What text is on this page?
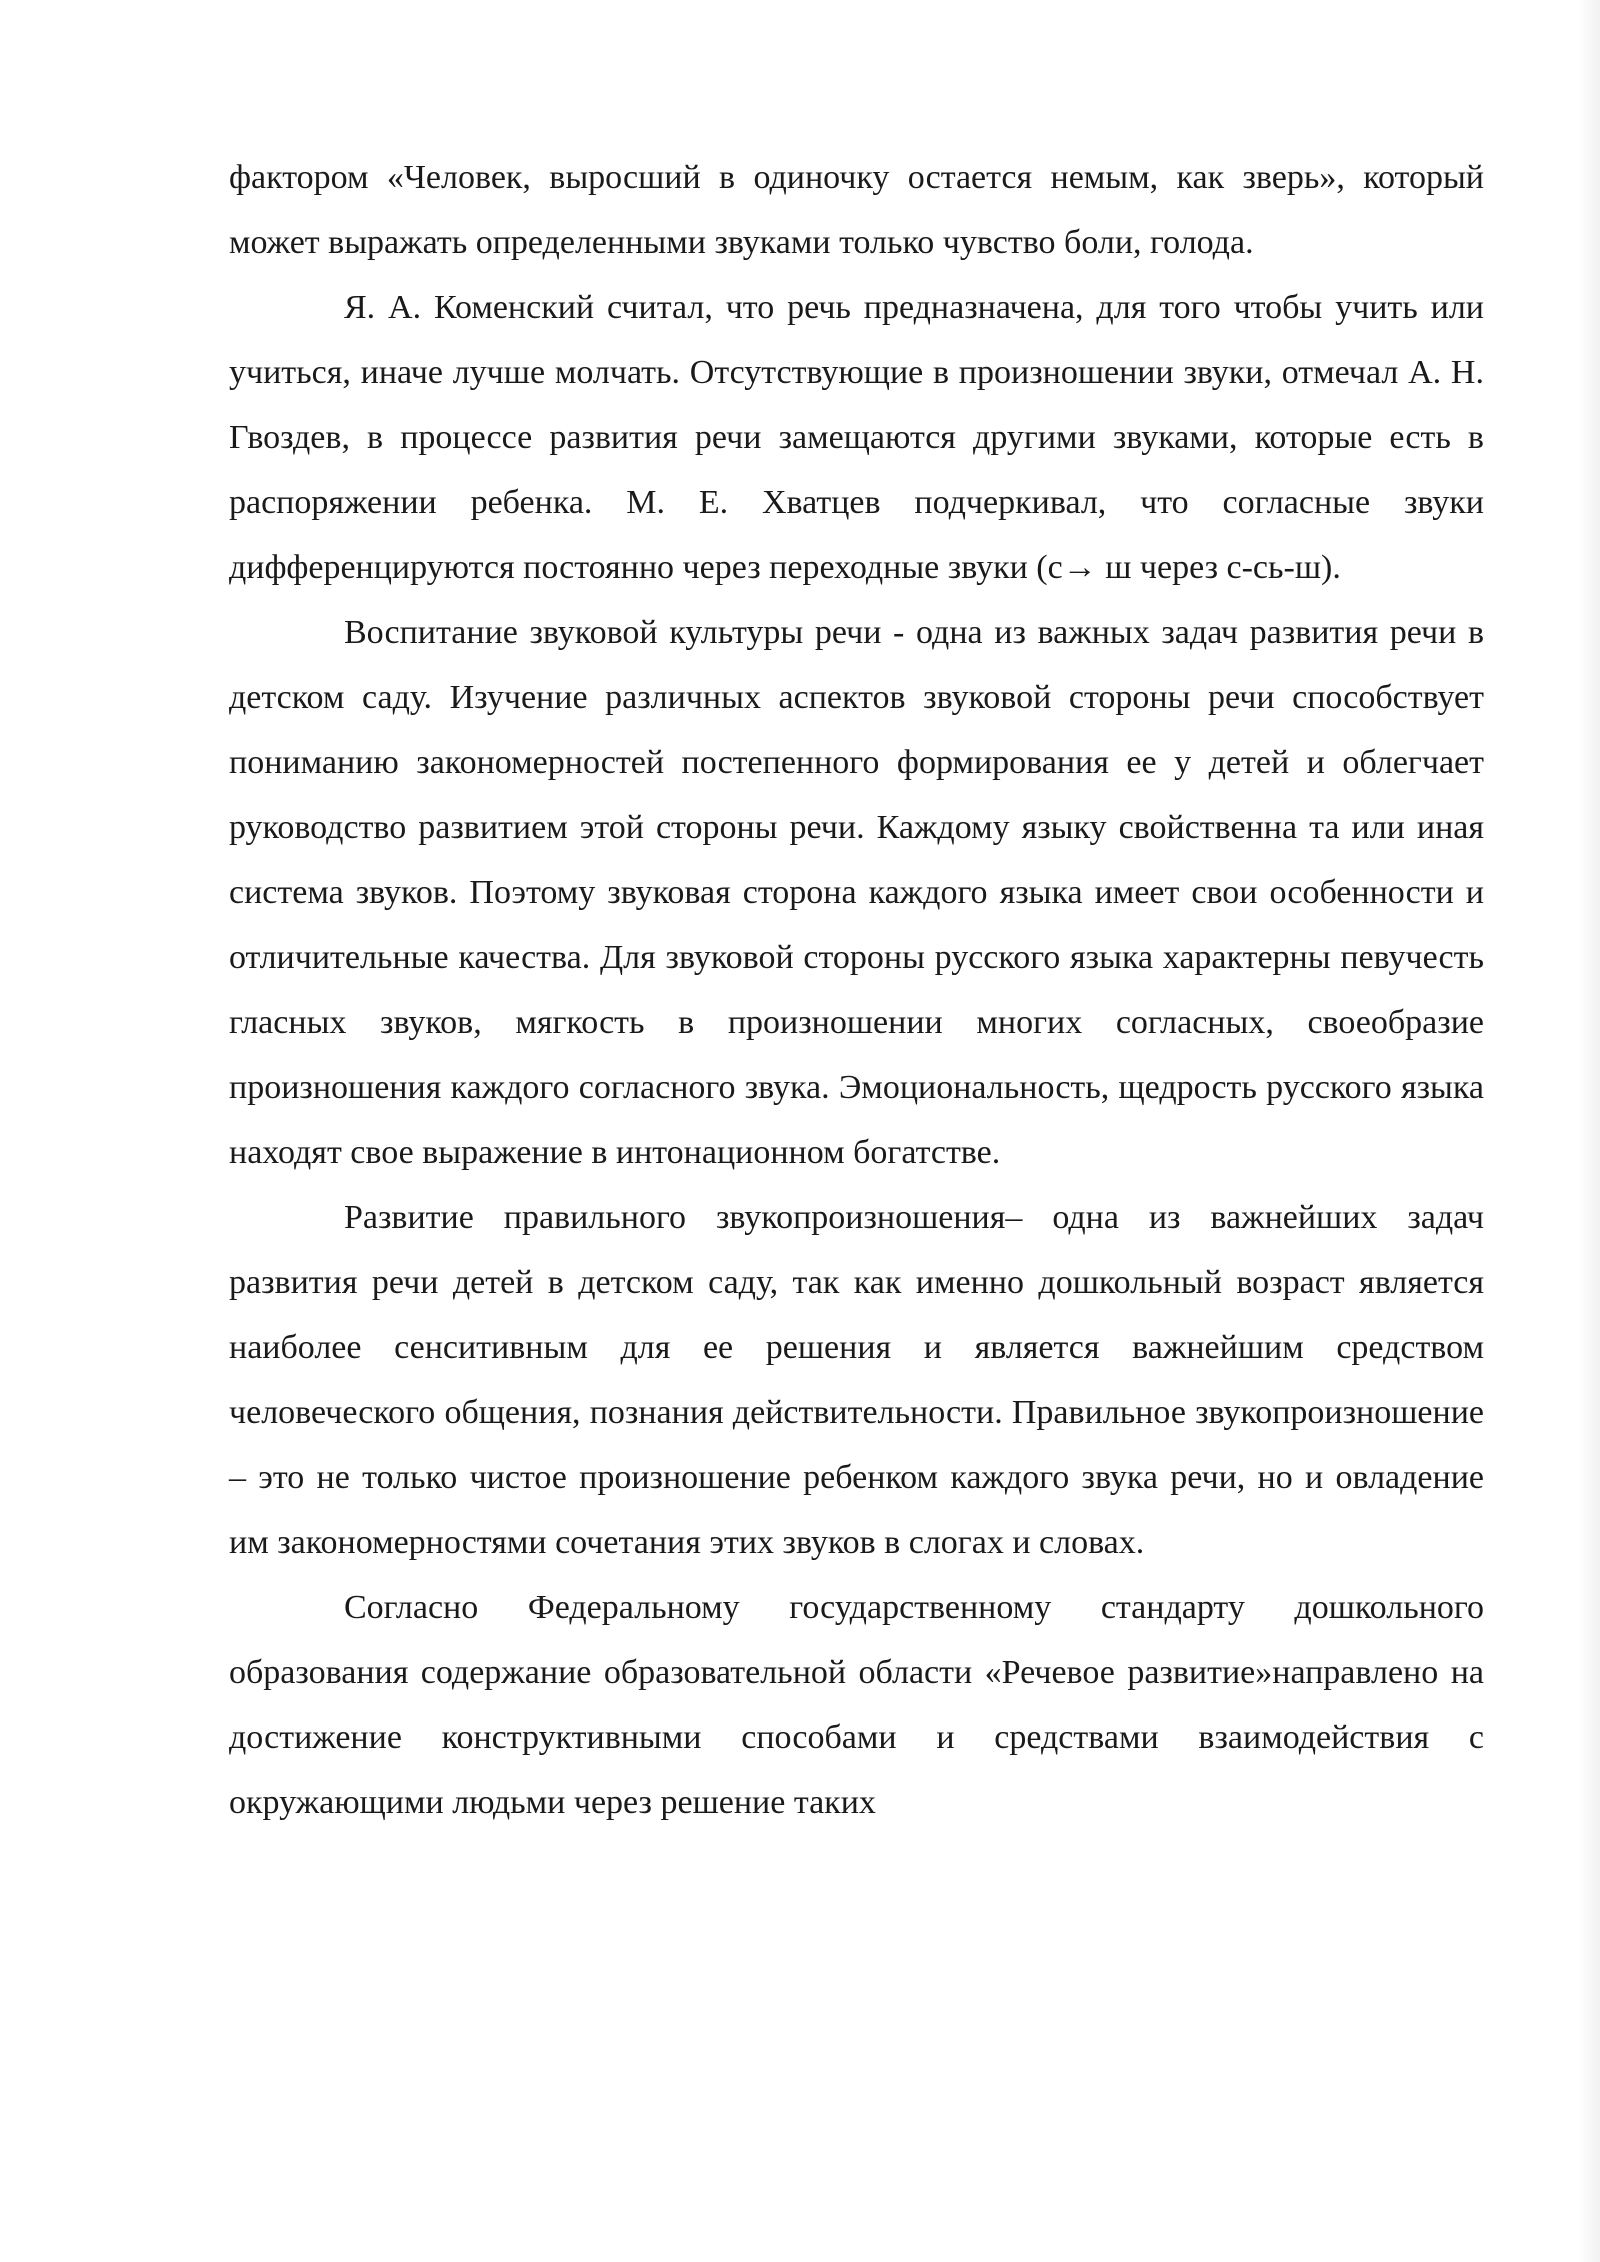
фактором «Человек, выросший в одиночку остается немым, как зверь», который может выражать определенными звуками только чувство боли, голода.

Я. А. Коменский считал, что речь предназначена, для того чтобы учить или учиться, иначе лучше молчать. Отсутствующие в произношении звуки, отмечал А. Н. Гвоздев, в процессе развития речи замещаются другими звуками, которые есть в распоряжении ребенка. М. Е. Хватцев подчеркивал, что согласные звуки дифференцируются постоянно через переходные звуки (с→ ш через с-сь-ш).

Воспитание звуковой культуры речи - одна из важных задач развития речи в детском саду. Изучение различных аспектов звуковой стороны речи способствует пониманию закономерностей постепенного формирования ее у детей и облегчает руководство развитием этой стороны речи. Каждому языку свойственна та или иная система звуков. Поэтому звуковая сторона каждого языка имеет свои особенности и отличительные качества. Для звуковой стороны русского языка характерны певучесть гласных звуков, мягкость в произношении многих согласных, своеобразие произношения каждого согласного звука. Эмоциональность, щедрость русского языка находят свое выражение в интонационном богатстве.

Развитие правильного звукопроизношения– одна из важнейших задач развития речи детей в детском саду, так как именно дошкольный возраст является наиболее сенситивным для ее решения и является важнейшим средством человеческого общения, познания действительности. Правильное звукопроизношение – это не только чистое произношение ребенком каждого звука речи, но и овладение им закономерностями сочетания этих звуков в слогах и словах.

Согласно Федеральному государственному стандарту дошкольного образования содержание образовательной области «Речевое развитие»направлено на достижение конструктивными способами и средствами взаимодействия с окружающими людьми через решение таких
